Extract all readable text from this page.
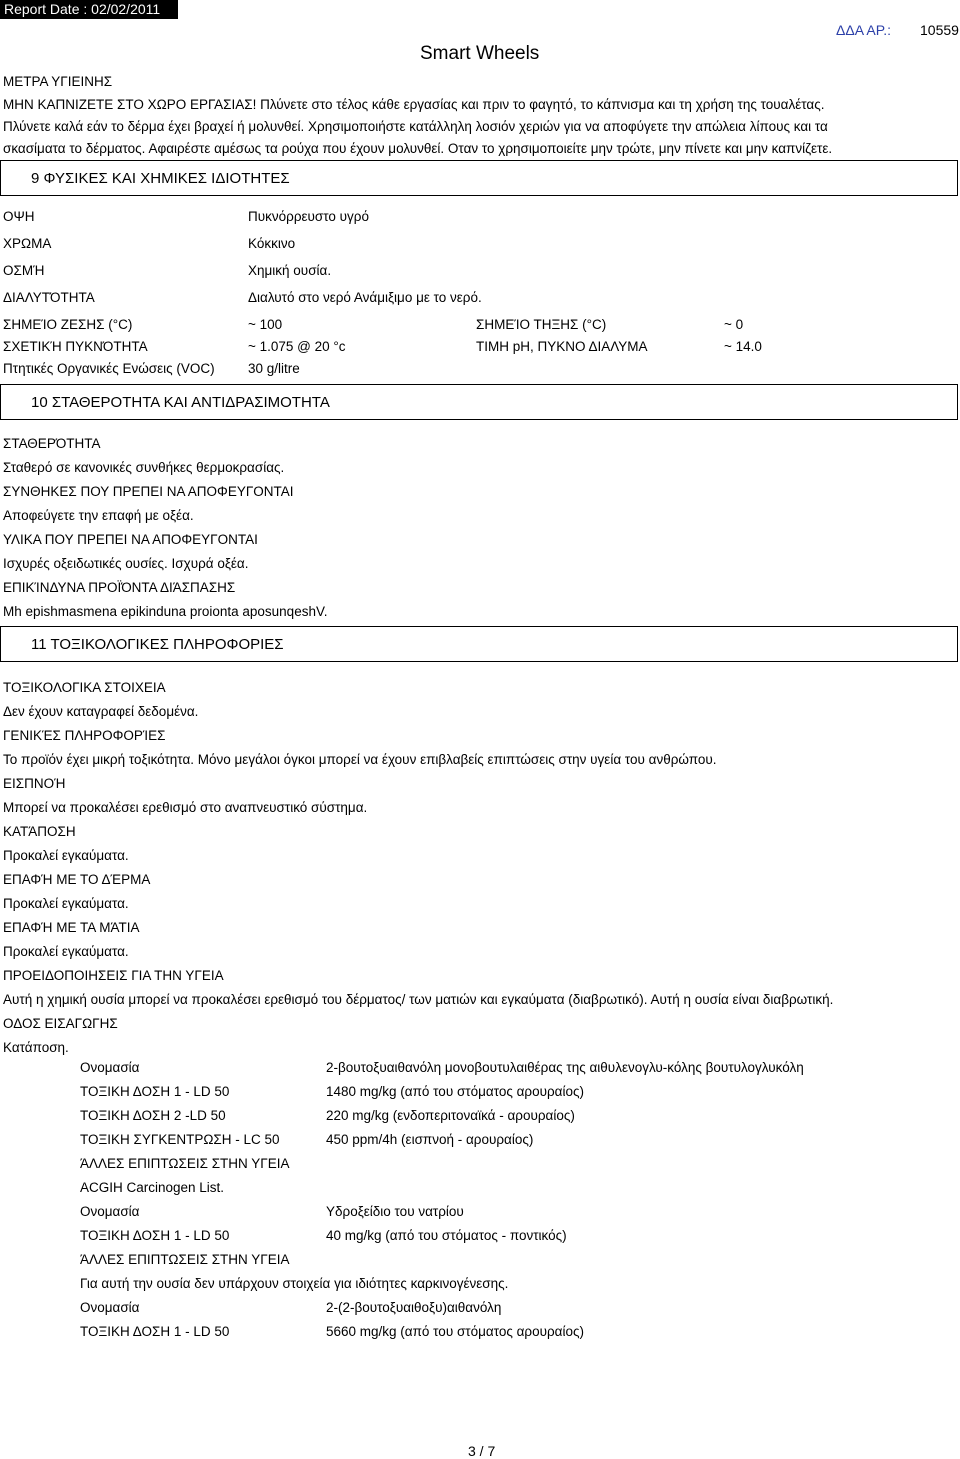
Report Date : 02/02/2011
Smart Wheels
ΔΔΑ ΑΡ.: 10559
ΜΕΤΡΑ ΥΓΙΕΙΝΗΣ
ΜΗΝ ΚΑΠΝΙΖΕΤΕ ΣΤΟ ΧΩΡΟ ΕΡΓΑΣΙΑΣ! Πλύνετε στο τέλος κάθε εργασίας και πριν το φαγητό, το κάπνισμα και τη χρήση της τουαλέτας.
Πλύνετε καλά εάν το δέρμα έχει βραχεί ή μολυνθεί. Χρησιμοποιήστε κατάλληλη λοσιόν χεριών για να αποφύγετε την απώλεια λίπους και τα
σκασίματα το δέρματος. Αφαιρέστε αμέσως τα ρούχα που έχουν μολυνθεί. Οταν το χρησιμοποιείτε μην τρώτε, μην πίνετε και μην καπνίζετε.
9 ΦΥΣΙΚΕΣ ΚΑΙ ΧΗΜΙΚΕΣ ΙΔΙΟΤΗΤΕΣ
ΟΨΗ	Πυκνόρρευστο υγρό
ΧΡΩΜΑ	Κόκκινο
ΟΣΜΉ	Χημική ουσία.
ΔΙΑΛΥΤΌΤΗΤΑ	Διαλυτό στο νερό Ανάμιξιμο με το νερό.
ΣΗΜΕΊΟ ΖΕΣΗΣ (°C)	~ 100	ΣΗΜΕΊΟ ΤΗΞΗΣ (°C)	~ 0
ΣΧΕΤΙΚΉ ΠΥΚΝΌΤΗΤΑ	~ 1.075 @ 20 °c	ΤΙΜΗ pH, ΠΥΚΝΟ ΔΙΑΛΥΜΑ	~ 14.0
Πτητικές Οργανικές Ενώσεις (VOC) 30 g/litre
10 ΣΤΑΘΕΡΟΤΗΤΑ ΚΑΙ ΑΝΤΙΔΡΑΣΙΜΟΤΗΤΑ
ΣΤΑΘΕΡΌΤΗΤΑ
Σταθερό σε κανονικές συνθήκες θερμοκρασίας.
ΣΥΝΘΗΚΕΣ ΠΟΥ ΠΡΕΠΕΙ ΝΑ ΑΠΟΦΕΥΓΟΝΤΑΙ
Αποφεύγετε την επαφή με οξέα.
ΥΛΙΚΑ ΠΟΥ ΠΡΕΠΕΙ ΝΑ ΑΠΟΦΕΥΓΟΝΤΑΙ
Ισχυρές οξειδωτικές ουσίες. Ισχυρά οξέα.
ΕΠΙΚΊΝΔΥΝΑ ΠΡΟΪΌΝΤΑ ΔΙΆΣΠΑΣΗΣ
Mh epishmasmena epikinduna proionta aposunqeshV.
11 ΤΟΞΙΚΟΛΟΓΙΚΕΣ ΠΛΗΡΟΦΟΡΙΕΣ
ΤΟΞΙΚΟΛΟΓΙΚΑ ΣΤΟΙΧΕΙΑ
Δεν έχουν καταγραφεί δεδομένα.
ΓΕΝΙΚΈΣ ΠΛΗΡΟΦΟΡΊΕΣ
Το προϊόν έχει μικρή τοξικότητα. Μόνο μεγάλοι όγκοι μπορεί να έχουν επιβλαβείς επιπτώσεις στην υγεία του ανθρώπου.
ΕΙΣΠΝΟΉ
Μπορεί να προκαλέσει ερεθισμό στο αναπνευστικό σύστημα.
ΚΑΤΆΠΟΣΗ
Προκαλεί εγκαύματα.
ΕΠΑΦΉ ΜΕ ΤΟ ΔΈΡΜΑ
Προκαλεί εγκαύματα.
ΕΠΑΦΉ ΜΕ ΤΑ ΜΆΤΙΑ
Προκαλεί εγκαύματα.
ΠΡΟΕΙΔΟΠΟΙΗΣΕΙΣ ΓΙΑ ΤΗΝ ΥΓΕΙΑ
Αυτή η χημική ουσία μπορεί να προκαλέσει ερεθισμό του δέρματος/ των ματιών και εγκαύματα (διαβρωτικό). Αυτή η ουσία είναι διαβρωτική.
ΟΔΟΣ ΕΙΣΑΓΩΓΗΣ
Κατάποση.
Ονομασία	2-βουτοξυαιθανόλη μονοβουτυλαιθέρας της αιθυλενογλυ-κόλης βουτυλογλυκόλη
ΤΟΞΙΚΗ ΔΟΣΗ 1 - LD 50	1480 mg/kg (από του στόματος αρουραίος)
ΤΟΞΙΚΗ ΔΟΣΗ 2 -LD 50	220 mg/kg (ενδοπεριτοναϊκά - αρουραίος)
ΤΟΞΙΚΗ ΣΥΓΚΕΝΤΡΩΣΗ - LC 50	450 ppm/4h (εισπνοή - αρουραίος)
ΆΛΛΕΣ ΕΠΙΠΤΩΣΕΙΣ ΣΤΗΝ ΥΓΕΙΑ
ACGIH Carcinogen List.
Ονομασία	Υδροξείδιο του νατρίου
ΤΟΞΙΚΗ ΔΟΣΗ 1 - LD 50	40 mg/kg (από του στόματος - ποντικός)
ΆΛΛΕΣ ΕΠΙΠΤΩΣΕΙΣ ΣΤΗΝ ΥΓΕΙΑ
Για αυτή την ουσία δεν υπάρχουν στοιχεία για ιδιότητες καρκινογένεσης.
Ονομασία	2-(2-βουτοξυαιθοξυ)αιθανόλη
ΤΟΞΙΚΗ ΔΟΣΗ 1 - LD 50	5660 mg/kg (από του στόματος αρουραίος)
3 / 7
